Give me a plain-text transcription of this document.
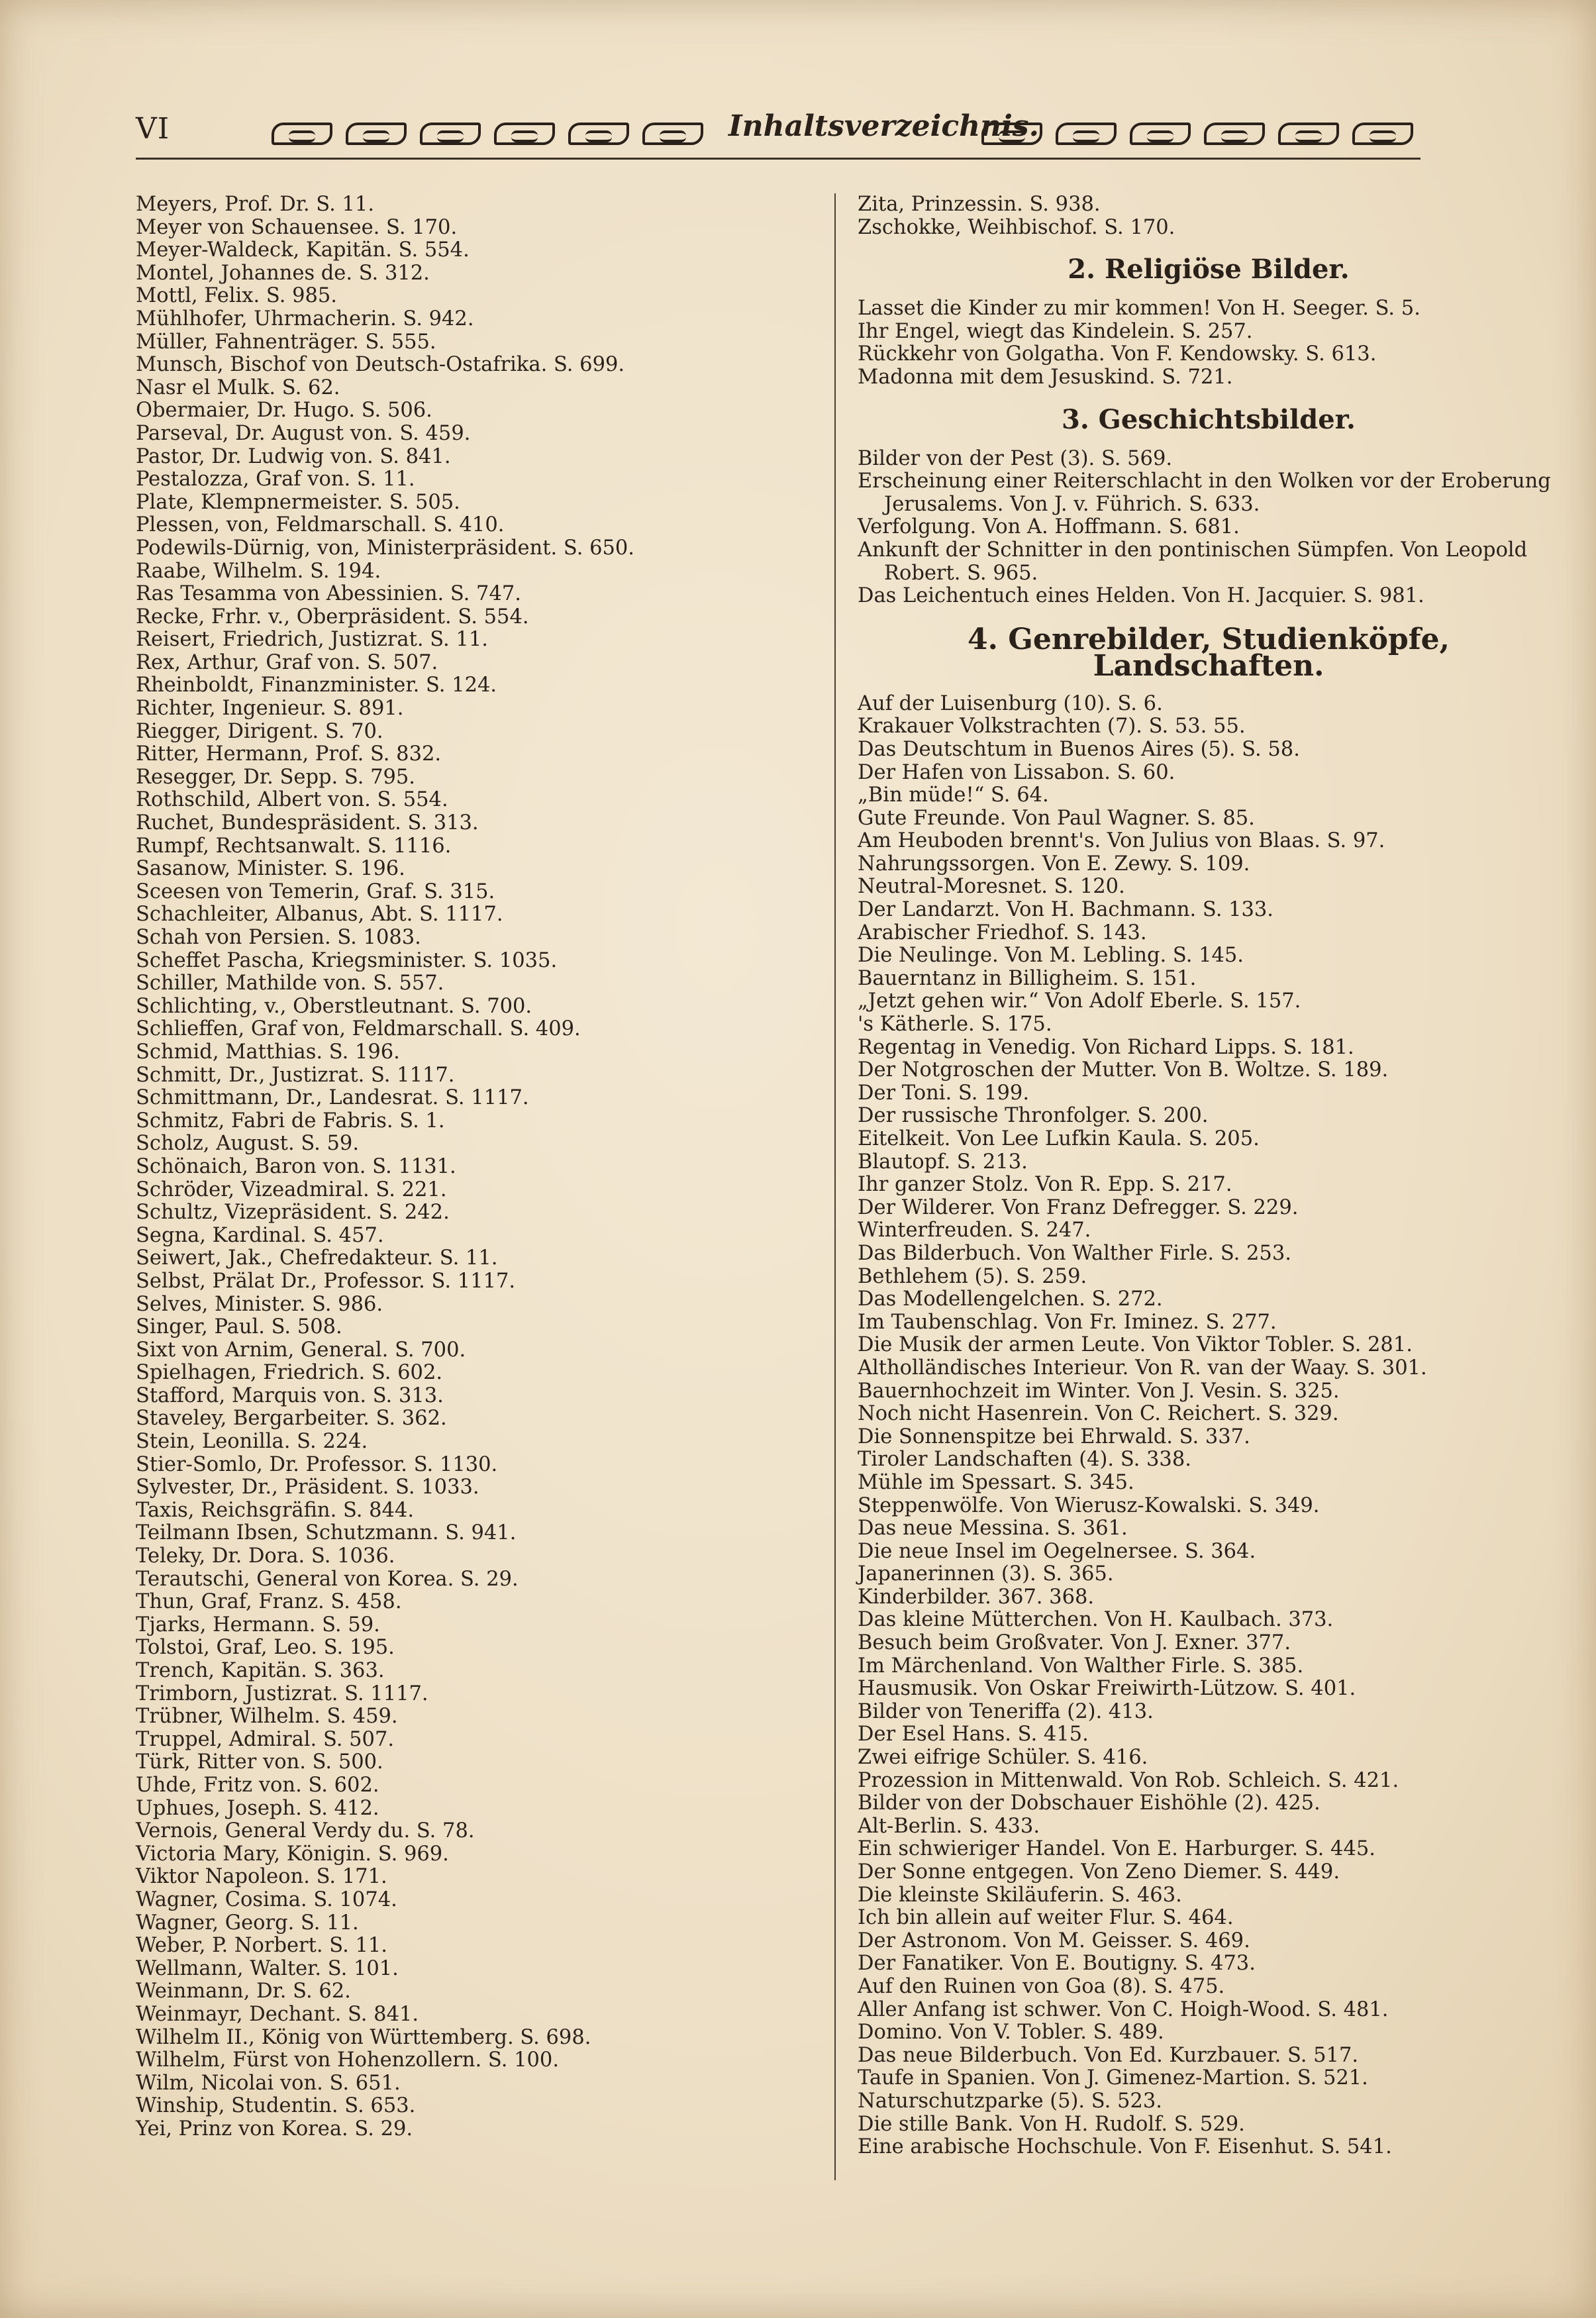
VI	Inhaltsverzeichnis.
Meyers, Prof. Dr. S. 11.
Meyer von Schauensee. S. 170.
Meyer-Waldeck, Kapitän. S. 554.
Montel, Johannes de. S. 312.
Mottl, Felix. S. 985.
Mühlhofer, Uhrmacherin. S. 942.
Müller, Fahnenträger. S. 555.
Munsch, Bischof von Deutsch-Ostafrika. S. 699.
Nasr el Mulk. S. 62.
Obermaier, Dr. Hugo. S. 506.
Parseval, Dr. August von. S. 459.
Pastor, Dr. Ludwig von. S. 841.
Pestalozza, Graf von. S. 11.
Plate, Klempnermeister. S. 505.
Plessen, von, Feldmarschall. S. 410.
Podewils-Dürnig, von, Ministerpräsident. S. 650.
Raabe, Wilhelm. S. 194.
Ras Tesamma von Abessinien. S. 747.
Recke, Frhr. v., Oberpräsident. S. 554.
Reisert, Friedrich, Justizrat. S. 11.
Rex, Arthur, Graf von. S. 507.
Rheinboldt, Finanzminister. S. 124.
Richter, Ingenieur. S. 891.
Riegger, Dirigent. S. 70.
Ritter, Hermann, Prof. S. 832.
Resegger, Dr. Sepp. S. 795.
Rothschild, Albert von. S. 554.
Ruchet, Bundespräsident. S. 313.
Rumpf, Rechtsanwalt. S. 1116.
Sasanow, Minister. S. 196.
Sceesen von Temerin, Graf. S. 315.
Schachleiter, Albanus, Abt. S. 1117.
Schah von Persien. S. 1083.
Scheffet Pascha, Kriegsminister. S. 1035.
Schiller, Mathilde von. S. 557.
Schlichting, v., Oberstleutnant. S. 700.
Schlieffen, Graf von, Feldmarschall. S. 409.
Schmid, Matthias. S. 196.
Schmitt, Dr., Justizrat. S. 1117.
Schmittmann, Dr., Landesrat. S. 1117.
Schmitz, Fabri de Fabris. S. 1.
Scholz, August. S. 59.
Schönaich, Baron von. S. 1131.
Schröder, Vizeadmiral. S. 221.
Schultz, Vizepräsident. S. 242.
Segna, Kardinal. S. 457.
Seiwert, Jak., Chefredakteur. S. 11.
Selbst, Prälat Dr., Professor. S. 1117.
Selves, Minister. S. 986.
Singer, Paul. S. 508.
Sixt von Arnim, General. S. 700.
Spielhagen, Friedrich. S. 602.
Stafford, Marquis von. S. 313.
Staveley, Bergarbeiter. S. 362.
Stein, Leonilla. S. 224.
Stier-Somlo, Dr. Professor. S. 1130.
Sylvester, Dr., Präsident. S. 1033.
Taxis, Reichsgräfin. S. 844.
Teilmann Ibsen, Schutzmann. S. 941.
Teleky, Dr. Dora. S. 1036.
Terautschi, General von Korea. S. 29.
Thun, Graf, Franz. S. 458.
Tjarks, Hermann. S. 59.
Tolstoi, Graf, Leo. S. 195.
Trench, Kapitän. S. 363.
Trimborn, Justizrat. S. 1117.
Trübner, Wilhelm. S. 459.
Truppel, Admiral. S. 507.
Türk, Ritter von. S. 500.
Uhde, Fritz von. S. 602.
Uphues, Joseph. S. 412.
Vernois, General Verdy du. S. 78.
Victoria Mary, Königin. S. 969.
Viktor Napoleon. S. 171.
Wagner, Cosima. S. 1074.
Wagner, Georg. S. 11.
Weber, P. Norbert. S. 11.
Wellmann, Walter. S. 101.
Weinmann, Dr. S. 62.
Weinmayr, Dechant. S. 841.
Wilhelm II., König von Württemberg. S. 698.
Wilhelm, Fürst von Hohenzollern. S. 100.
Wilm, Nicolai von. S. 651.
Winship, Studentin. S. 653.
Yei, Prinz von Korea. S. 29.
Zita, Prinzessin. S. 938.
Zschokke, Weihbischof. S. 170.
2. Religiöse Bilder.
Lasset die Kinder zu mir kommen! Von H. Seeger. S. 5.
Ihr Engel, wiegt das Kindelein. S. 257.
Rückkehr von Golgatha. Von F. Kendowsky. S. 613.
Madonna mit dem Jesuskind. S. 721.
3. Geschichtsbilder.
Bilder von der Pest (3). S. 569.
Erscheinung einer Reiterschlacht in den Wolken vor der Eroberung Jerusalems. Von J. v. Führich. S. 633.
Verfolgung. Von A. Hoffmann. S. 681.
Ankunft der Schnitter in den pontinischen Sümpfen. Von Leopold Robert. S. 965.
Das Leichentuch eines Helden. Von H. Jacquier. S. 981.
4. Genrebilder, Studienköpfe, Landschaften.
Auf der Luisenburg (10). S. 6.
Krakauer Volkstrachten (7). S. 53. 55.
Das Deutschtum in Buenos Aires (5). S. 58.
Der Hafen von Lissabon. S. 60.
„Bin müde!“ S. 64.
Gute Freunde. Von Paul Wagner. S. 85.
Am Heuboden brennt's. Von Julius von Blaas. S. 97.
Nahrungssorgen. Von E. Zewy. S. 109.
Neutral-Moresnet. S. 120.
Der Landarzt. Von H. Bachmann. S. 133.
Arabischer Friedhof. S. 143.
Die Neulinge. Von M. Lebling. S. 145.
Bauerntanz in Billigheim. S. 151.
„Jetzt gehen wir.“ Von Adolf Eberle. S. 157.
's Kätherle. S. 175.
Regentag in Venedig. Von Richard Lipps. S. 181.
Der Notgroschen der Mutter. Von B. Woltze. S. 189.
Der Toni. S. 199.
Der russische Thronfolger. S. 200.
Eitelkeit. Von Lee Lufkin Kaula. S. 205.
Blautopf. S. 213.
Ihr ganzer Stolz. Von R. Epp. S. 217.
Der Wilderer. Von Franz Defregger. S. 229.
Winterfreuden. S. 247.
Das Bilderbuch. Von Walther Firle. S. 253.
Bethlehem (5). S. 259.
Das Modellengelchen. S. 272.
Im Taubenschlag. Von Fr. Iminez. S. 277.
Die Musik der armen Leute. Von Viktor Tobler. S. 281.
Altholländisches Interieur. Von R. van der Waay. S. 301.
Bauernhochzeit im Winter. Von J. Vesin. S. 325.
Noch nicht Hasenrein. Von C. Reichert. S. 329.
Die Sonnenspitze bei Ehrwald. S. 337.
Tiroler Landschaften (4). S. 338.
Mühle im Spessart. S. 345.
Steppenwölfe. Von Wierusz-Kowalski. S. 349.
Das neue Messina. S. 361.
Die neue Insel im Oegelnersee. S. 364.
Japanerinnen (3). S. 365.
Kinderbilder. 367. 368.
Das kleine Mütterchen. Von H. Kaulbach. 373.
Besuch beim Großvater. Von J. Exner. 377.
Im Märchenland. Von Walther Firle. S. 385.
Hausmusik. Von Oskar Freiwirth-Lützow. S. 401.
Bilder von Teneriffa (2). 413.
Der Esel Hans. S. 415.
Zwei eifrige Schüler. S. 416.
Prozession in Mittenwald. Von Rob. Schleich. S. 421.
Bilder von der Dobschauer Eishöhle (2). 425.
Alt-Berlin. S. 433.
Ein schwieriger Handel. Von E. Harburger. S. 445.
Der Sonne entgegen. Von Zeno Diemer. S. 449.
Die kleinste Skiläuferin. S. 463.
Ich bin allein auf weiter Flur. S. 464.
Der Astronom. Von M. Geisser. S. 469.
Der Fanatiker. Von E. Boutigny. S. 473.
Auf den Ruinen von Goa (8). S. 475.
Aller Anfang ist schwer. Von C. Hoigh-Wood. S. 481.
Domino. Von V. Tobler. S. 489.
Das neue Bilderbuch. Von Ed. Kurzbauer. S. 517.
Taufe in Spanien. Von J. Gimenez-Martion. S. 521.
Naturschutzparke (5). S. 523.
Die stille Bank. Von H. Rudolf. S. 529.
Eine arabische Hochschule. Von F. Eisenhut. S. 541.
